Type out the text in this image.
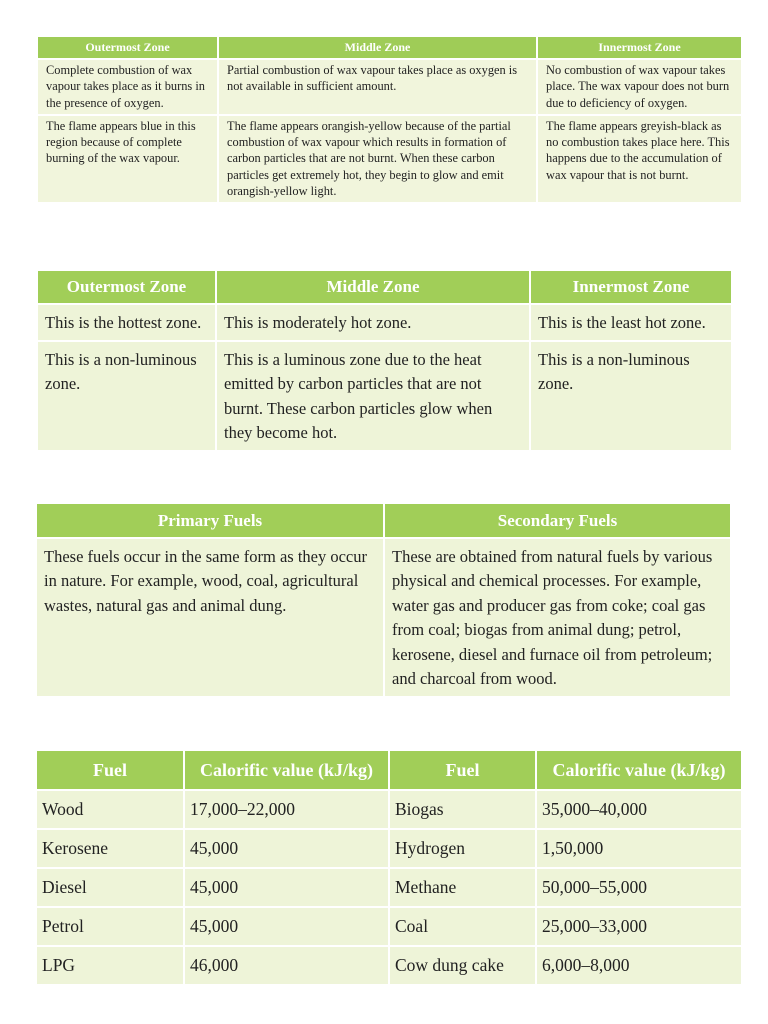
Outermost Zone	Middle Zone	Innermost Zone
Complete combustion of wax vapour takes place as it burns in the presence of oxygen.	Partial combustion of wax vapour takes place as oxygen is not available in sufficient amount.	No combustion of wax vapour takes place. The wax vapour does not burn due to deficiency of oxygen.
The flame appears blue in this region because of complete burning of the wax vapour.	The flame appears orangish-yellow because of the partial combustion of wax vapour which results in formation of carbon particles that are not burnt. When these carbon particles get extremely hot, they begin to glow and emit orangish-yellow light.	The flame appears greyish-black as no combustion takes place here. This happens due to the accumulation of wax vapour that is not burnt.
Outermost Zone	Middle Zone	Innermost Zone
This is the hottest zone.	This is moderately hot zone.	This is the least hot zone.
This is a non-luminous zone.	This is a luminous zone due to the heat emitted by carbon particles that are not burnt. These carbon particles glow when they become hot.	This is a non-luminous zone.
Primary Fuels	Secondary Fuels
These fuels occur in the same form as they occur in nature. For example, wood, coal, agricultural wastes, natural gas and animal dung.	These are obtained from natural fuels by various physical and chemical processes. For example, water gas and producer gas from coke; coal gas from coal; biogas from animal dung; petrol, kerosene, diesel and furnace oil from petroleum; and charcoal from wood.
Fuel	Calorific value (kJ/kg)	Fuel	Calorific value (kJ/kg)
Wood	17,000–22,000	Biogas	35,000–40,000
Kerosene	45,000	Hydrogen	1,50,000
Diesel	45,000	Methane	50,000–55,000
Petrol	45,000	Coal	25,000–33,000
LPG	46,000	Cow dung cake	6,000–8,000
